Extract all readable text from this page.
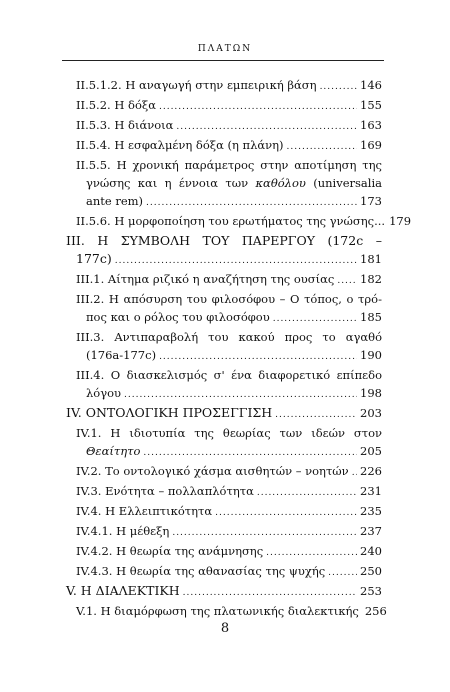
ΠΛΑΤΩΝ
II.5.1.2. Η αναγωγή στην εμπειρική βάση .....	146
II.5.2. Η δόξα .....	155
II.5.3. Η διάνοια .....	163
II.5.4. Η εσφαλμένη δόξα (η πλάνη) .....	169
II.5.5. Η χρονική παράμετρος στην αποτίμηση της
γνώσης και η έννοια των καθόλου (universalia
ante rem) .....	173
II.5.6. Η μορφοποίηση του ερωτήματος της γνώσης... 179
III. Η ΣΥΜΒΟΛΗ ΤΟΥ ΠΑΡΕΡΓΟΥ (172c –
177c) .....	181
III.1. Αίτημα ριζικό η αναζήτηση της ουσίας ..... 182
III.2. Η απόσυρση του φιλοσόφου – Ο τόπος, ο τρό-
πος και ο ρόλος του φιλοσόφου .....	185
III.3. Αντιπαραβολή του κακού προς το αγαθό
(176a-177c) .....	190
III.4. Ο διασκελισμός σ' ένα διαφορετικό επίπεδο
λόγου .....	198
IV. ΟΝΤΟΛΟΓΙΚΗ ΠΡΟΣΕΓΓΙΣΗ .....	203
IV.1. Η ιδιοτυπία της θεωρίας των ιδεών στον
Θεαίτητο .....	205
IV.2. Το οντολογικό χάσμα αισθητών – νοητών ..... 226
IV.3. Ενότητα – πολλαπλότητα .....	231
IV.4. Η Ελλειπτικότητα .....	235
IV.4.1. Η μέθεξη .....	237
IV.4.2. Η θεωρία της ανάμνησης .....	240
IV.4.3. Η θεωρία της αθανασίας της ψυχής .....	250
V. Η ΔΙΑΛΕΚΤΙΚΗ .....	253
V.1. Η διαμόρφωση της πλατωνικής διαλεκτικής 256
8
